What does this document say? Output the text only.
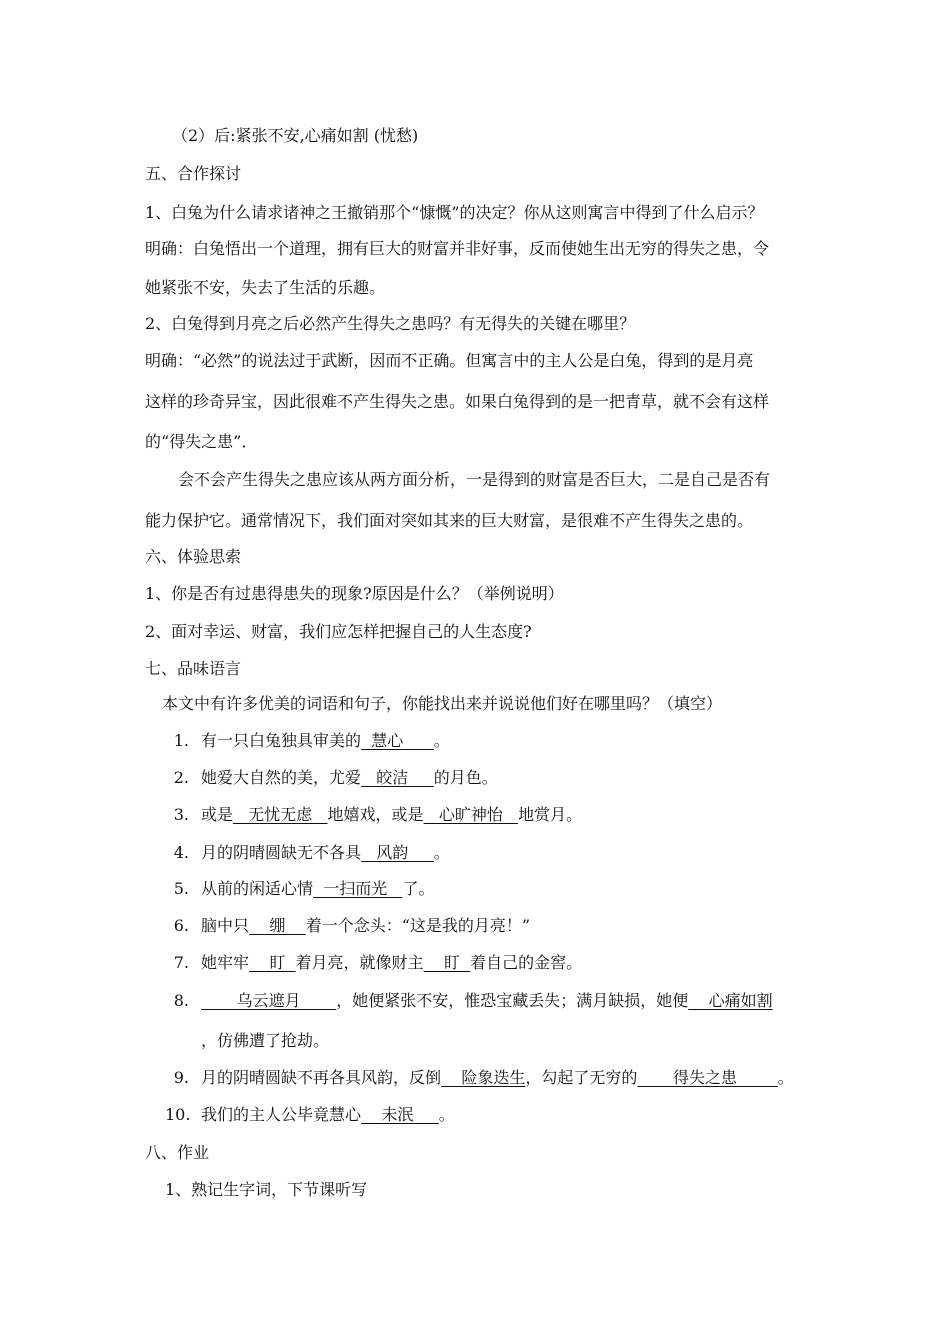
（2）后:紧张不安,心痛如割 (忧愁)
五、合作探讨
1、白兔为什么请求诸神之王撤销那个“慷慨”的决定？你从这则寓言中得到了什么启示？
明确：白兔悟出一个道理，拥有巨大的财富并非好事，反而使她生出无穷的得失之患，令
她紧张不安，失去了生活的乐趣。
2、白兔得到月亮之后必然产生得失之患吗？有无得失的关键在哪里？
明确：“必然”的说法过于武断，因而不正确。但寓言中的主人公是白兔，得到的是月亮
这样的珍奇异宝，因此很难不产生得失之患。如果白兔得到的是一把青草，就不会有这样
的“得失之患”．
会不会产生得失之患应该从两方面分析，一是得到的财富是否巨大，二是自己是否有
能力保护它。通常情况下，我们面对突如其来的巨大财富，是很难不产生得失之患的。
六、体验思索
1、你是否有过患得患失的现象?原因是什么？（举例说明）
2、面对幸运、财富，我们应怎样把握自己的人生态度?
七、品味语言
本文中有许多优美的词语和句子，你能找出来并说说他们好在哪里吗？（填空）
1. 有一只白兔独具审美的  慧心      。
2. 她爱大自然的美，尤爱   皎洁     的月色。
3. 或是   无忧无虑   地嬉戏，或是   心旷神怡   地赏月。
4. 月的阴晴圆缺无不各具   风韵     。
5. 从前的闲适心情  一扫而光   了。
6. 脑中只    绷    着一个念头：“这是我的月亮！”
7. 她牢牢    盯  着月亮，就像财主    盯  着自己的金窖。
8.       乌云遮月       ，她便紧张不安，惟恐宝藏丢失；满月缺损，她便    心痛如割
，仿佛遭了抢劫。
9. 月的阴晴圆缺不再各具风韵，反倒    险象迭生，勾起了无穷的       得失之患        。
10. 我们的主人公毕竟慧心    未泯     。
八、作业
1、熟记生字词，下节课听写
